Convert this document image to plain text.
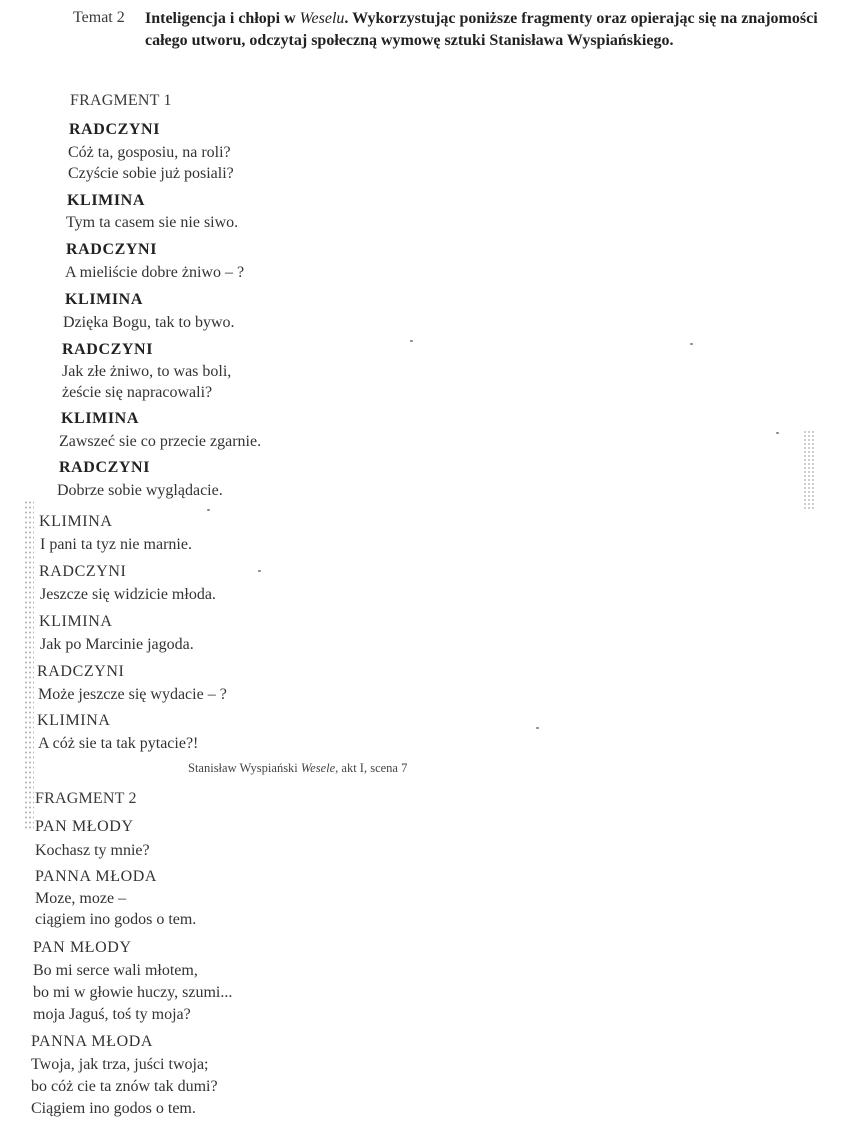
Temat 2 Inteligencja i chłopi w Weselu. Wykorzystując poniższe fragmenty oraz opierając się na znajomości całego utworu, odczytaj społeczną wymowę sztuki Stanisława Wyspiańskiego.
FRAGMENT 1
RADCZYNI
Cóż ta, gosposiu, na roli?
Czyście sobie już posiali?
KLIMINA
Tym ta casem sie nie siwo.
RADCZYNI
A mieliście dobre żniwo – ?
KLIMINA
Dzięka Bogu, tak to bywo.
RADCZYNI
Jak złe żniwo, to was boli,
żeście się napracowali?
KLIMINA
Zawszeć sie co przecie zgarnie.
RADCZYNI
Dobrze sobie wyglądacie.
KLIMINA
I pani ta tyz nie marnie.
RADCZYNI
Jeszcze się widzicie młoda.
KLIMINA
Jak po Marcinie jagoda.
RADCZYNI
Może jeszcze się wydacie – ?
KLIMINA
A cóż sie ta tak pytacie?!
Stanisław Wyspiański Wesele, akt I, scena 7
FRAGMENT 2
PAN MŁODY
Kochasz ty mnie?
PANNA MŁODA
Moze, moze –
ciągiem ino godos o tem.
PAN MŁODY
Bo mi serce wali młotem,
bo mi w głowie huczy, szumi...
moja Jaguś, toś ty moja?
PANNA MŁODA
Twoja, jak trza, juści twoja;
bo cóż cie ta znów tak dumi?
Ciągiem ino godos o tem.
